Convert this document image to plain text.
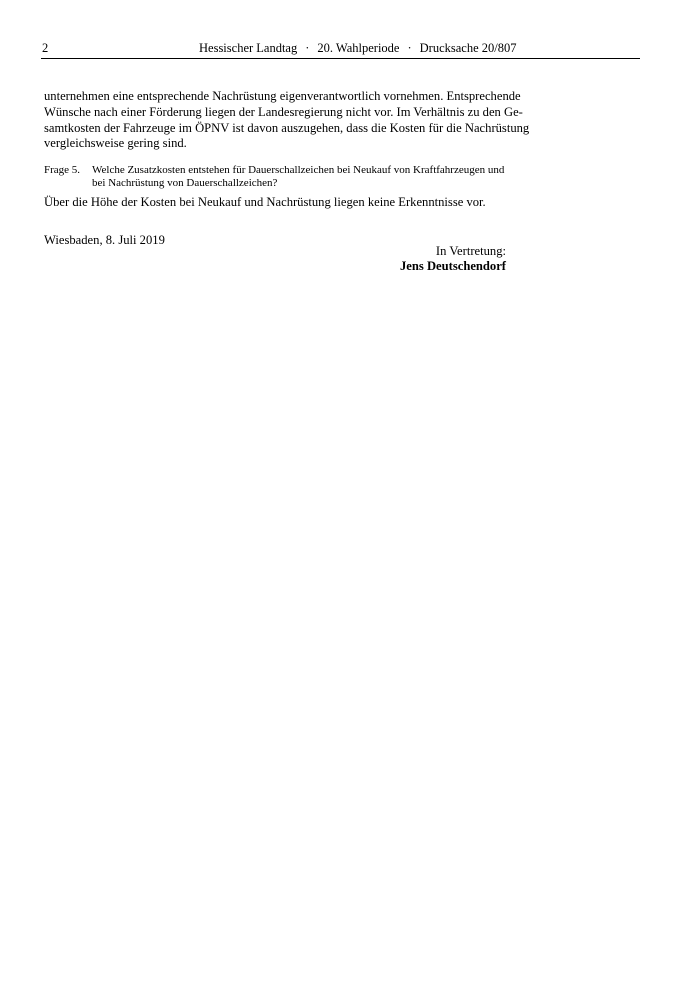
2	Hessischer Landtag · 20. Wahlperiode · Drucksache 20/807

unternehmen eine entsprechende Nachrüstung eigenverantwortlich vornehmen. Entsprechende
Wünsche nach einer Förderung liegen der Landesregierung nicht vor. Im Verhältnis zu den Ge-
samtkosten der Fahrzeuge im ÖPNV ist davon auszugehen, dass die Kosten für die Nachrüstung
vergleichsweise gering sind.

Frage 5. Welche Zusatzkosten entstehen für Dauerschallzeichen bei Neukauf von Kraftfahrzeugen und bei Nachrüstung von Dauerschallzeichen?
Über die Höhe der Kosten bei Neukauf und Nachrüstung liegen keine Erkenntnisse vor.
Wiesbaden, 8. Juli 2019
In Vertretung:
Jens Deutschendorf
